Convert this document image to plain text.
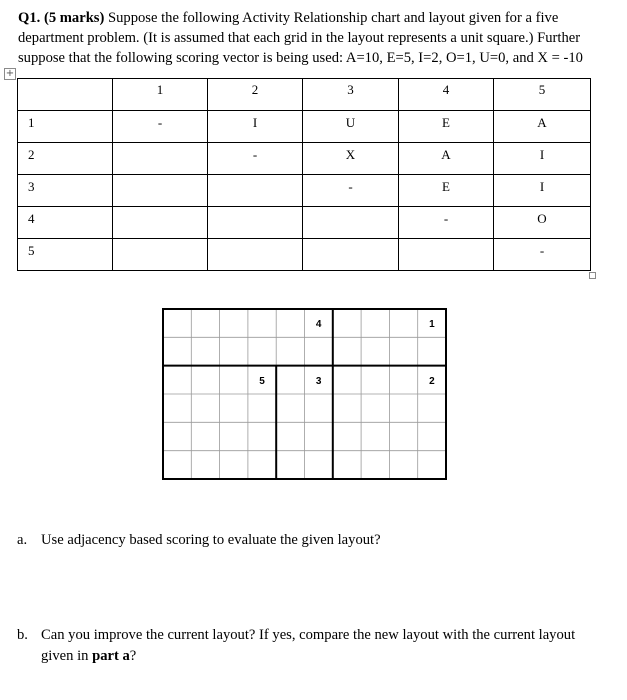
Q1. (5 marks) Suppose the following Activity Relationship chart and layout given for a five department problem. (It is assumed that each grid in the layout represents a unit square.) Further suppose that the following scoring vector is being used: A=10, E=5, I=2, O=1, U=0, and X = -10
+
	1	2	3	4	5
1	-	I	U	E	A
2		-	X	A	I
3			-	E	I
4				-	O
5					-
4	1
5	3	2
a. Use adjacency based scoring to evaluate the given layout?
b. Can you improve the current layout? If yes, compare the new layout with the current layout given in part a?
